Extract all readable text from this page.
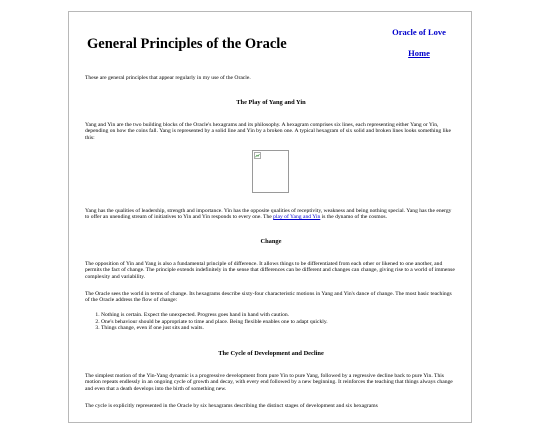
General Principles of the Oracle
Oracle of Love
Home

These are general principles that appear regularly in my use of the Oracle.

The Play of Yang and Yin

Yang and Yin are the two building blocks of the Oracle's hexagrams and its philosophy. A hexagram comprises six lines, each representing either Yang or Yin, depending on how the coins fall. Yang is represented by a solid line and Yin by a broken one. A typical hexagram of six solid and broken lines looks something like this:

Yang has the qualities of leadership, strength and importance. Yin has the opposite qualities of receptivity, weakness and being nothing special. Yang has the energy to offer an unending stream of initiatives to Yin and Yin responds to every one. The play of Yang and Yin is the dynamo of the cosmos.

Change

The opposition of Yin and Yang is also a fundamental principle of difference. It allows things to be differentiated from each other or likened to one another, and permits the fact of change. The principle extends indefinitely in the sense that differences can be different and changes can change, giving rise to a world of immense complexity and variability.

The Oracle sees the world in terms of change. Its hexagrams describe sixty-four characteristic motions in Yang and Yin's dance of change. The most basic teachings of the Oracle address the flow of change:

1. Nothing is certain. Expect the unexpected. Progress goes hand in hand with caution.
2. One's behaviour should be appropriate to time and place. Being flexible enables one to adapt quickly.
3. Things change, even if one just sits and waits.

The Cycle of Development and Decline

The simplest motion of the Yin-Yang dynamic is a progressive development from pure Yin to pure Yang, followed by a regressive decline back to pure Yin. This motion repeats endlessly in an ongoing cycle of growth and decay, with every end followed by a new beginning. It reinforces the teaching that things always change and even that a death develops into the birth of something new.

The cycle is explicitly represented in the Oracle by six hexagrams describing the distinct stages of development and six hexagrams
